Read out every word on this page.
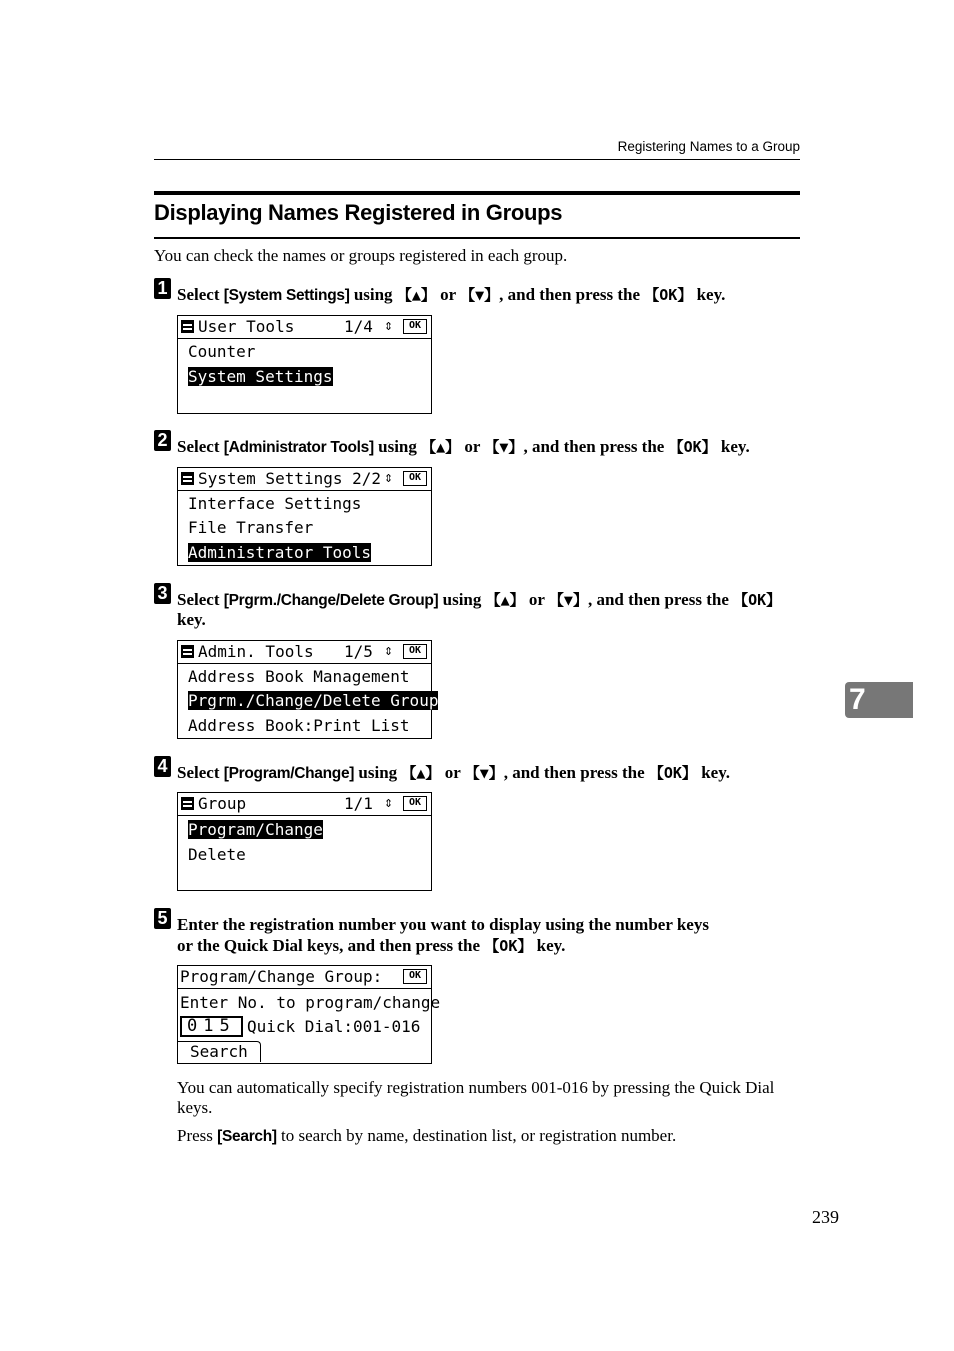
Registering Names to a Group
Displaying Names Registered in Groups
You can check the names or groups registered in each group.
1 Select [System Settings] using 【▲】 or 【▼】, and then press the 【OK】 key.
User Tools	1/4 ⇕	OK
Counter
System Settings
2 Select [Administrator Tools] using 【▲】 or 【▼】, and then press the 【OK】 key.
System Settings 2/2 ⇕	OK
Interface Settings
File Transfer
Administrator Tools
3 Select [Prgrm./Change/Delete Group] using 【▲】 or 【▼】, and then press the 【OK】
key.
Admin. Tools 1/5 ⇕	OK
Address Book Management
Prgrm./Change/Delete Group
Address Book:Print List
4 Select [Program/Change] using 【▲】 or 【▼】, and then press the 【OK】 key.
Group	1/1 ⇕	OK
Program/Change
Delete
5 Enter the registration number you want to display using the number keys
or the Quick Dial keys, and then press the 【OK】 key.
Program/Change Group:	OK
Enter No. to program/change
015 Quick Dial:001-016
Search
You can automatically specify registration numbers 001-016 by pressing the Quick Dial keys.
Press [Search] to search by name, destination list, or registration number.
7
239
